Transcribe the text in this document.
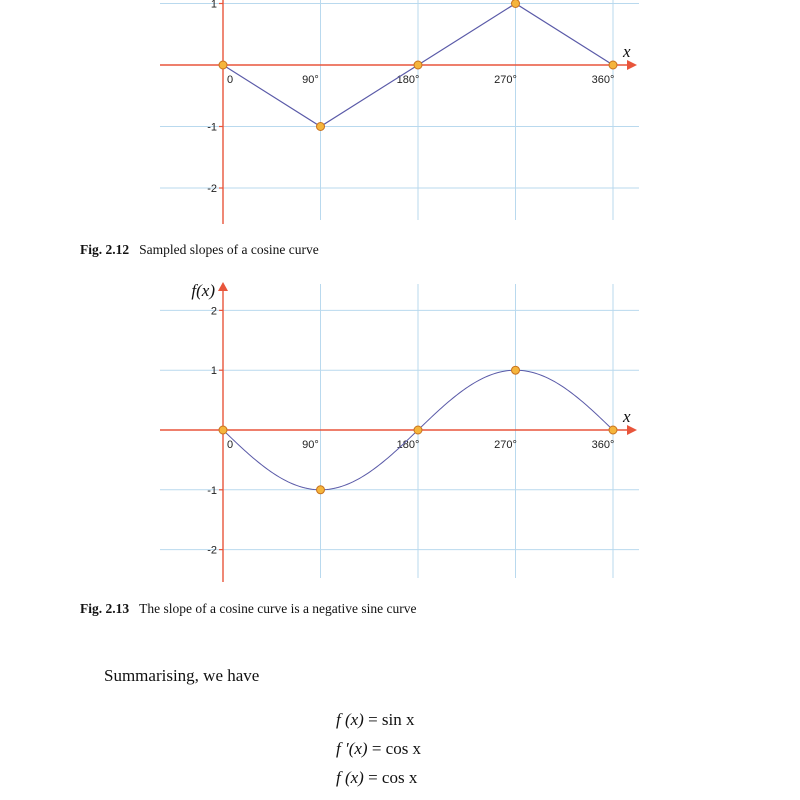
1
-1
-2
0	90°	180°	270°	360°
x
Fig. 2.12 Sampled slopes of a cosine curve
2
1
-1
-2
0	90°	180°	270°	360°
x
f(x)
Fig. 2.13 The slope of a cosine curve is a negative sine curve
Summarising, we have
f (x) = sin x
f ′(x) = cos x
f (x) = cos x
